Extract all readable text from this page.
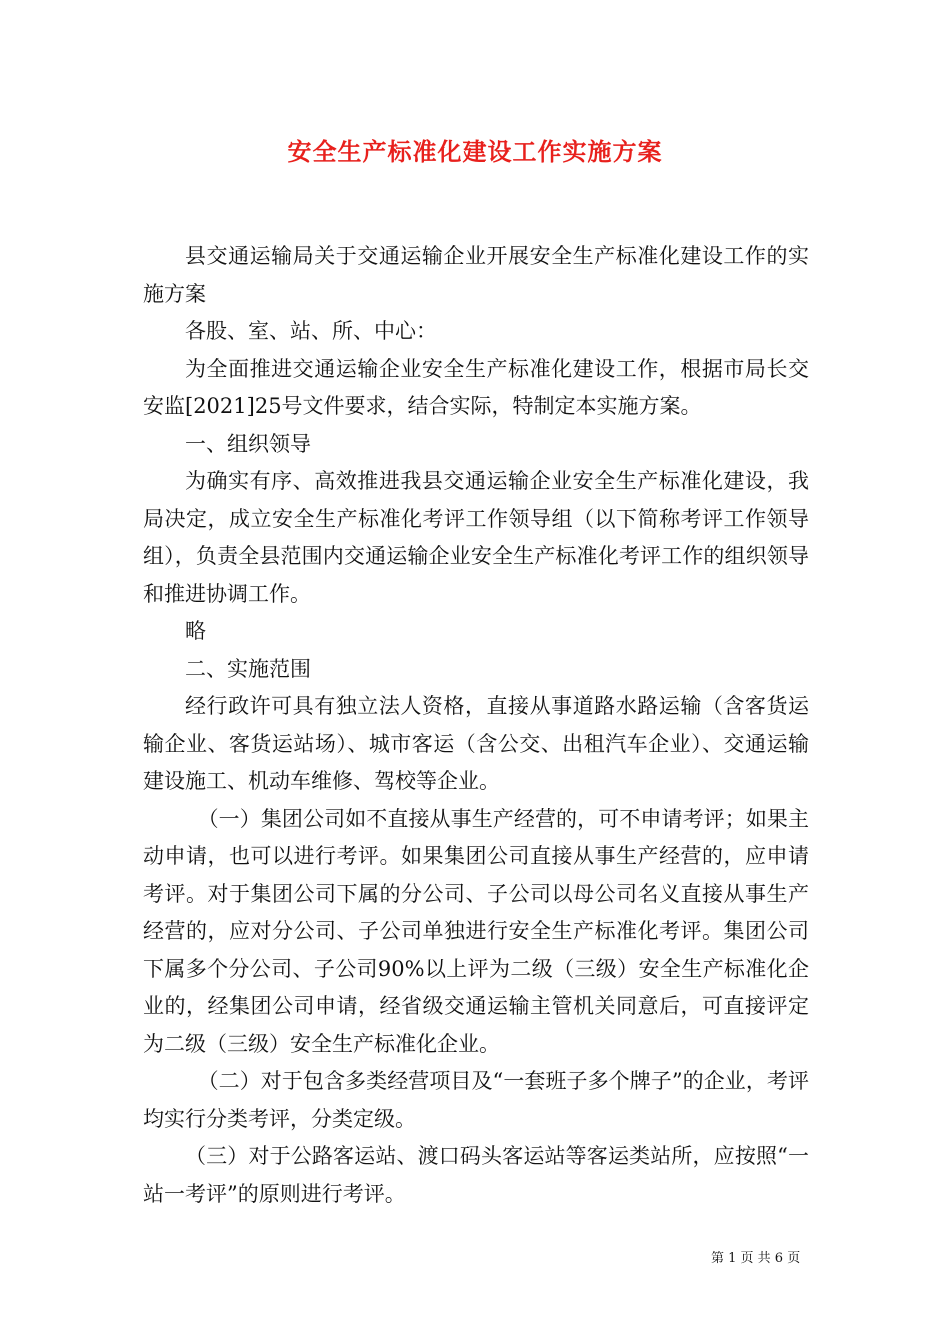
安全生产标准化建设工作实施方案

县交通运输局关于交通运输企业开展安全生产标准化建设工作的实施方案

各股、室、站、所、中心：

为全面推进交通运输企业安全生产标准化建设工作，根据市局长交安监[2021]25号文件要求，结合实际，特制定本实施方案。

一、组织领导

为确实有序、高效推进我县交通运输企业安全生产标准化建设，我局决定，成立安全生产标准化考评工作领导组（以下简称考评工作领导组），负责全县范围内交通运输企业安全生产标准化考评工作的组织领导和推进协调工作。

略

二、实施范围

经行政许可具有独立法人资格，直接从事道路水路运输（含客货运输企业、客货运站场）、城市客运（含公交、出租汽车企业）、交通运输建设施工、机动车维修、驾校等企业。

（一）集团公司如不直接从事生产经营的，可不申请考评；如果主动申请，也可以进行考评。如果集团公司直接从事生产经营的，应申请考评。对于集团公司下属的分公司、子公司以母公司名义直接从事生产经营的，应对分公司、子公司单独进行安全生产标准化考评。集团公司下属多个分公司、子公司90%以上评为二级（三级）安全生产标准化企业的，经集团公司申请，经省级交通运输主管机关同意后，可直接评定为二级（三级）安全生产标准化企业。

（二）对于包含多类经营项目及“一套班子多个牌子”的企业，考评均实行分类考评，分类定级。

（三）对于公路客运站、渡口码头客运站等客运类站所，应按照“一站一考评”的原则进行考评。

第 1 页 共 6 页
